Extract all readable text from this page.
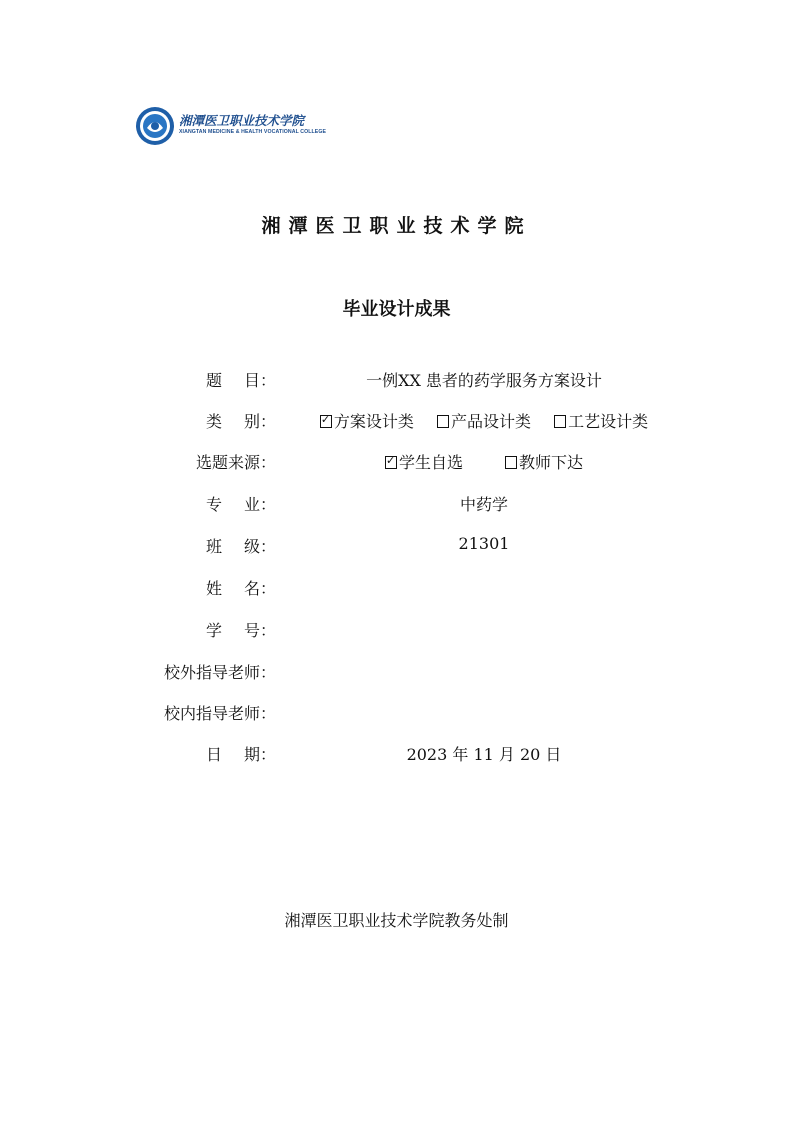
湘潭医卫职业技术学院
XIANGTAN MEDICINE & HEALTH VOCATIONAL COLLEGE
湘潭医卫职业技术学院
毕业设计成果
题 目：	一例XX 患者的药学服务方案设计
类 别： ✓	方案设计类 产品设计类 工艺设计类
选题来源： ✓	学生自选	教师下达
专 业：	中药学
班 级：	21301
姓 名：
学 号：
校外指导老师：
校内指导老师：
日 期：	2023 年 11 月 20 日
湘潭医卫职业技术学院教务处制
